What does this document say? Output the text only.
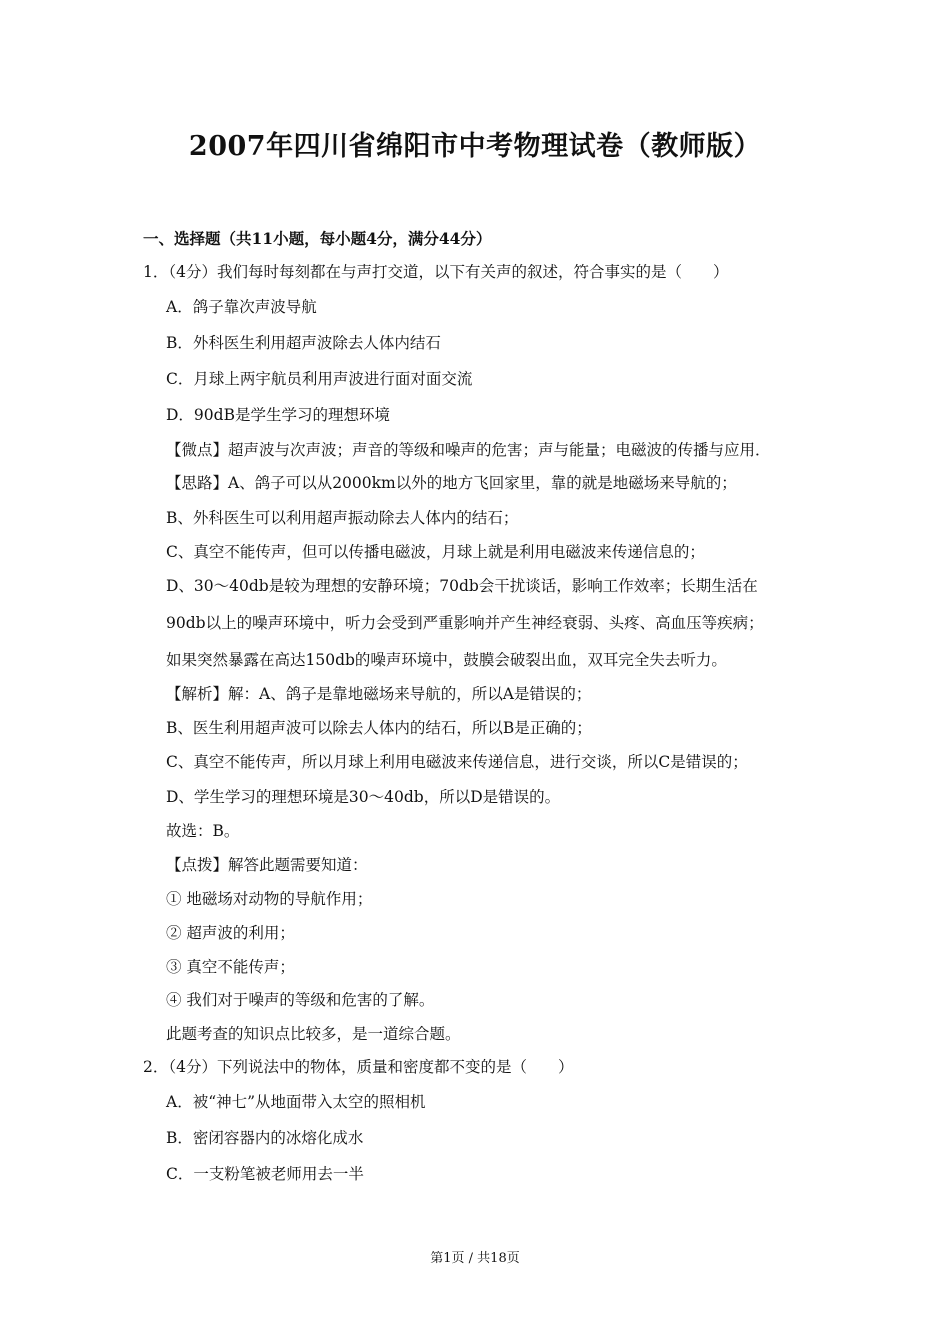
2007年四川省绵阳市中考物理试卷（教师版）
一、选择题（共11小题，每小题4分，满分44分）
1．（4分）我们每时每刻都在与声打交道，以下有关声的叙述，符合事实的是（　　）
A．鸽子靠次声波导航
B．外科医生利用超声波除去人体内结石
C．月球上两宇航员利用声波进行面对面交流
D．90dB是学生学习的理想环境
【微点】超声波与次声波；声音的等级和噪声的危害；声与能量；电磁波的传播与应用．
【思路】A、鸽子可以从2000km以外的地方飞回家里，靠的就是地磁场来导航的；
B、外科医生可以利用超声振动除去人体内的结石；
C、真空不能传声，但可以传播电磁波，月球上就是利用电磁波来传递信息的；
D、30～40db是较为理想的安静环境；70db会干扰谈话，影响工作效率；长期生活在
90db以上的噪声环境中，听力会受到严重影响并产生神经衰弱、头疼、高血压等疾病；
如果突然暴露在高达150db的噪声环境中，鼓膜会破裂出血，双耳完全失去听力。
【解析】解：A、鸽子是靠地磁场来导航的，所以A是错误的；
B、医生利用超声波可以除去人体内的结石，所以B是正确的；
C、真空不能传声，所以月球上利用电磁波来传递信息，进行交谈，所以C是错误的；
D、学生学习的理想环境是30～40db，所以D是错误的。
故选：B。
【点拨】解答此题需要知道：
① 地磁场对动物的导航作用；
② 超声波的利用；
③ 真空不能传声；
④ 我们对于噪声的等级和危害的了解。
此题考查的知识点比较多，是一道综合题。
2．（4分）下列说法中的物体，质量和密度都不变的是（　　）
A．被“神七”从地面带入太空的照相机
B．密闭容器内的冰熔化成水
C．一支粉笔被老师用去一半
第1页 / 共18页
